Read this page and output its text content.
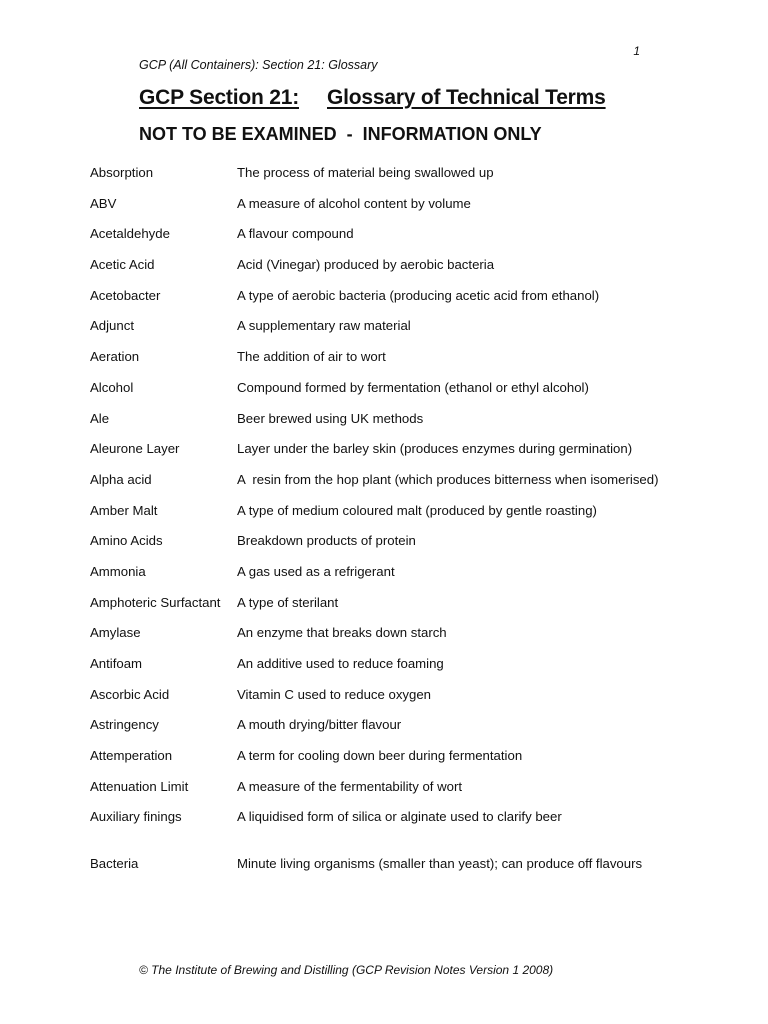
1
GCP (All Containers): Section 21: Glossary
GCP Section 21: Glossary of Technical Terms
NOT TO BE EXAMINED  -  INFORMATION ONLY
Absorption	The process of material being swallowed up
ABV	A measure of alcohol content by volume
Acetaldehyde	A flavour compound
Acetic Acid	Acid (Vinegar) produced by aerobic bacteria
Acetobacter	A type of aerobic bacteria (producing acetic acid from ethanol)
Adjunct	A supplementary raw material
Aeration	The addition of air to wort
Alcohol	Compound formed by fermentation (ethanol or ethyl alcohol)
Ale	Beer brewed using UK methods
Aleurone Layer	Layer under the barley skin (produces enzymes during germination)
Alpha acid	A  resin from the hop plant (which produces bitterness when isomerised)
Amber Malt	A type of medium coloured malt (produced by gentle roasting)
Amino Acids	Breakdown products of protein
Ammonia	A gas used as a refrigerant
Amphoteric Surfactant	A type of sterilant
Amylase	An enzyme that breaks down starch
Antifoam	An additive used to reduce foaming
Ascorbic Acid	Vitamin C used to reduce oxygen
Astringency	A mouth drying/bitter flavour
Attemperation	A term for cooling down beer during fermentation
Attenuation Limit	A measure of the fermentability of wort
Auxiliary finings	A liquidised form of silica or alginate used to clarify beer
Bacteria	Minute living organisms (smaller than yeast); can produce off flavours
© The Institute of Brewing and Distilling (GCP Revision Notes Version 1 2008)
